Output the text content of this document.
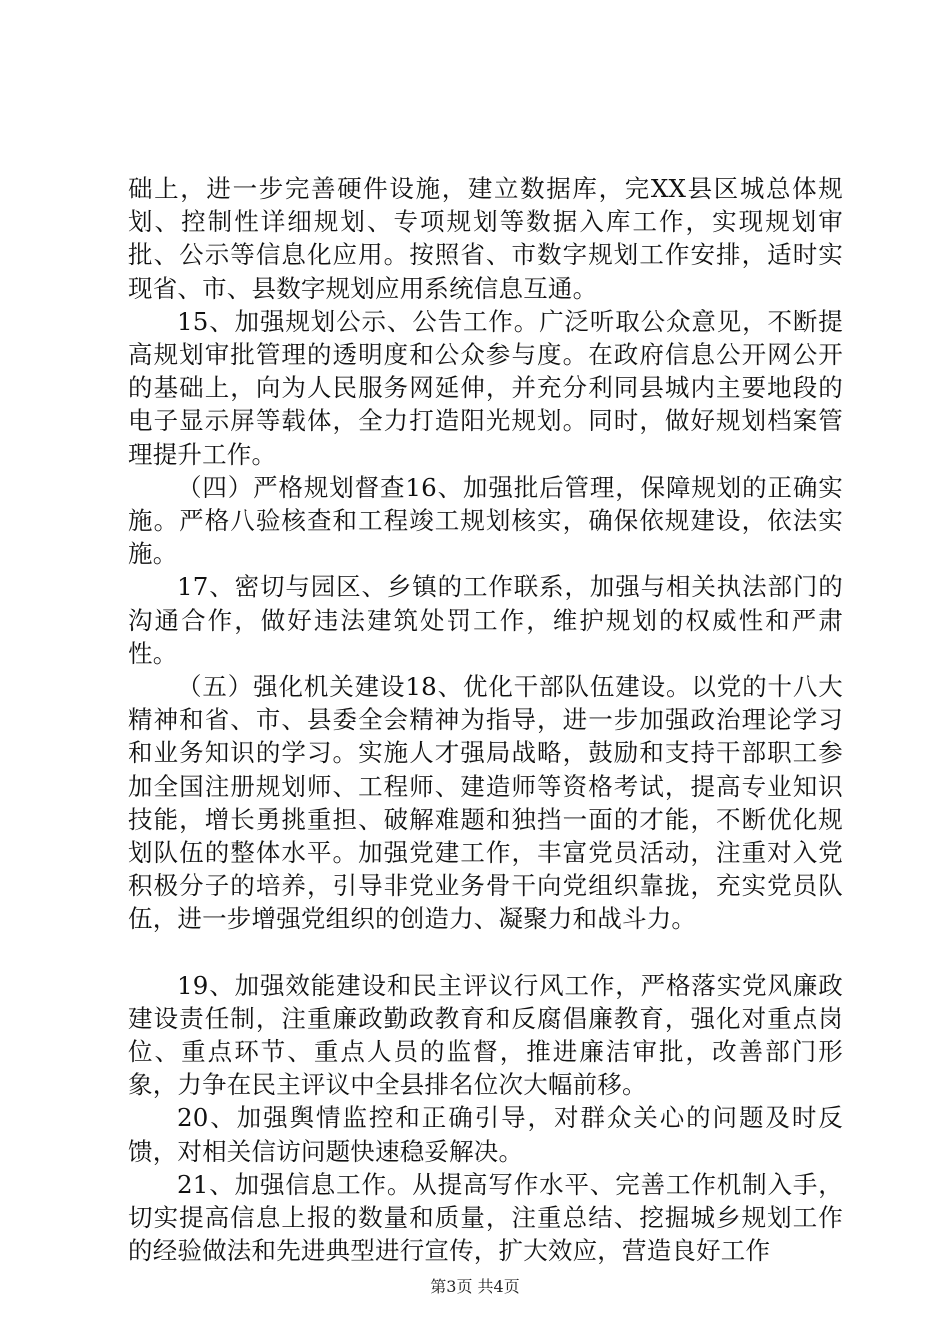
础上，进一步完善硬件设施，建立数据库，完XX县区城总体规划、控制性详细规划、专项规划等数据入库工作，实现规划审批、公示等信息化应用。按照省、市数字规划工作安排，适时实现省、市、县数字规划应用系统信息互通。

15、加强规划公示、公告工作。广泛听取公众意见，不断提高规划审批管理的透明度和公众参与度。在政府信息公开网公开的基础上，向为人民服务网延伸，并充分利同县城内主要地段的电子显示屏等载体，全力打造阳光规划。同时，做好规划档案管理提升工作。

（四）严格规划督查16、加强批后管理，保障规划的正确实施。严格八验核查和工程竣工规划核实，确保依规建设，依法实施。

17、密切与园区、乡镇的工作联系，加强与相关执法部门的沟通合作，做好违法建筑处罚工作，维护规划的权威性和严肃性。

（五）强化机关建设18、优化干部队伍建设。以党的十八大精神和省、市、县委全会精神为指导，进一步加强政治理论学习和业务知识的学习。实施人才强局战略，鼓励和支持干部职工参加全国注册规划师、工程师、建造师等资格考试，提高专业知识技能，增长勇挑重担、破解难题和独挡一面的才能，不断优化规划队伍的整体水平。加强党建工作，丰富党员活动，注重对入党积极分子的培养，引导非党业务骨干向党组织靠拢，充实党员队伍，进一步增强党组织的创造力、凝聚力和战斗力。

19、加强效能建设和民主评议行风工作，严格落实党风廉政建设责任制，注重廉政勤政教育和反腐倡廉教育，强化对重点岗位、重点环节、重点人员的监督，推进廉洁审批，改善部门形象，力争在民主评议中全县排名位次大幅前移。

20、加强舆情监控和正确引导，对群众关心的问题及时反馈，对相关信访问题快速稳妥解决。

21、加强信息工作。从提高写作水平、完善工作机制入手，切实提高信息上报的数量和质量，注重总结、挖掘城乡规划工作的经验做法和先进典型进行宣传，扩大效应，营造良好工作

第3页 共4页
